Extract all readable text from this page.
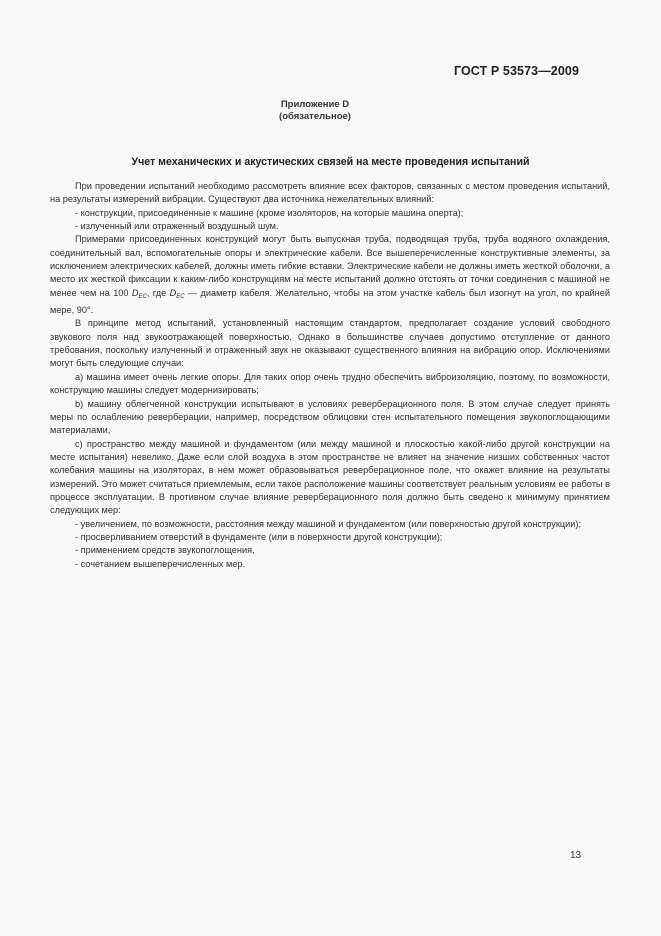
ГОСТ Р 53573—2009
Приложение D
(обязательное)
Учет механических и акустических связей на месте проведения испытаний

При проведении испытаний необходимо рассмотреть влияние всех факторов, связанных с местом проведения испытаний, на результаты измерений вибрации. Существуют два источника нежелательных влияний:

- конструкции, присоединенные к машине (кроме изоляторов, на которые машина оперта);

- излученный или отраженный воздушный шум.

Примерами присоединенных конструкций могут быть выпускная труба, подводящая труба, труба водяного охлаждения, соединительный вал, вспомогательные опоры и электрические кабели. Все вышеперечисленные конструктивные элементы, за исключением электрических кабелей, должны иметь гибкие вставки. Электрические кабели не должны иметь жесткой оболочки, а место их жесткой фиксации к каким-либо конструкциям на месте испытаний должно отстоять от точки соединения с машиной не менее чем на 100 $D_{EC}$, где $D_{EC}$ — диаметр кабеля. Желательно, чтобы на этом участке кабель был изогнут на угол, по крайней мере, 90°.

В принципе метод испытаний, установленный настоящим стандартом, предполагает создание условий свободного звукового поля над звукоотражающей поверхностью. Однако в большинстве случаев допустимо отступление от данного требования, поскольку излученный и отраженный звук не оказывают существенного влияния на вибрацию опор. Исключениями могут быть следующие случаи:

a) машина имеет очень легкие опоры. Для таких опор очень трудно обеспечить виброизоляцию, поэтому, по возможности, конструкцию машины следует модернизировать;

b) машину облегченной конструкции испытывают в условиях реверберационного поля. В этом случае следует принять меры по ослаблению реверберации, например, посредством облицовки стен испытательного помещения звукопоглощающими материалами,

c) пространство между машиной и фундаментом (или между машиной и плоскостью какой-либо другой конструкции на месте испытания) невелико. Даже если слой воздуха в этом пространстве не влияет на значение низших собственных частот колебания машины на изоляторах, в нем может образовываться реверберационное поле, что окажет влияние на результаты измерений. Это может считаться приемлемым, если такое расположение машины соответствует реальным условиям ее работы в процессе эксплуатации. В противном случае влияние реверберационного поля должно быть сведено к минимуму принятием следующих мер:

- увеличением, по возможности, расстояния между машиной и фундаментом (или поверхностью другой конструкции);

- просверливанием отверстий в фундаменте (или в поверхности другой конструкции);

- применением средств звукопоглощения,

- сочетанием вышеперечисленных мер.

13
